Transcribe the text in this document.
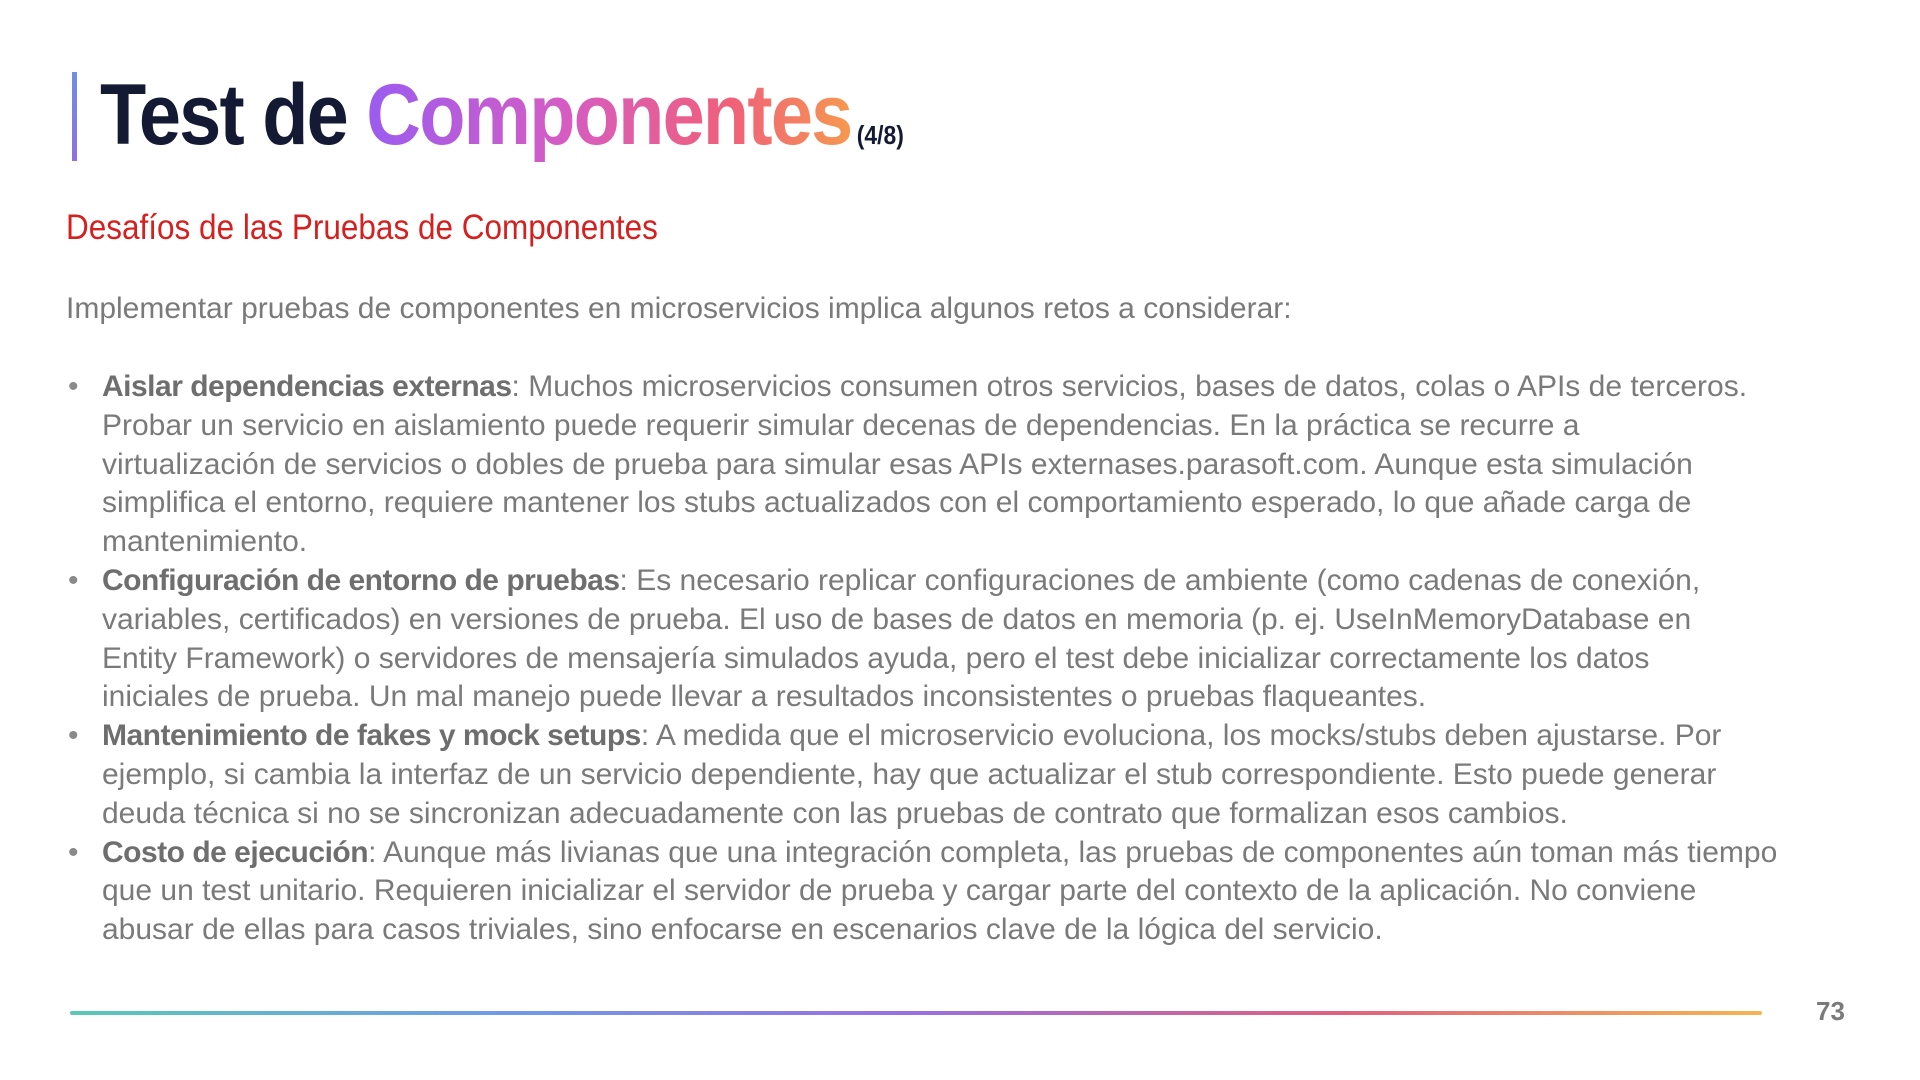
Test de Componentes (4/8)
Desafíos de las Pruebas de Componentes
Implementar pruebas de componentes en microservicios implica algunos retos a considerar:
• Aislar dependencias externas: Muchos microservicios consumen otros servicios, bases de datos, colas o APIs de terceros.
Probar un servicio en aislamiento puede requerir simular decenas de dependencias. En la práctica se recurre a
virtualización de servicios o dobles de prueba para simular esas APIs externases.parasoft.com. Aunque esta simulación
simplifica el entorno, requiere mantener los stubs actualizados con el comportamiento esperado, lo que añade carga de
mantenimiento.
• Configuración de entorno de pruebas: Es necesario replicar configuraciones de ambiente (como cadenas de conexión,
variables, certificados) en versiones de prueba. El uso de bases de datos en memoria (p. ej. UseInMemoryDatabase en
Entity Framework) o servidores de mensajería simulados ayuda, pero el test debe inicializar correctamente los datos
iniciales de prueba. Un mal manejo puede llevar a resultados inconsistentes o pruebas flaqueantes.
• Mantenimiento de fakes y mock setups: A medida que el microservicio evoluciona, los mocks/stubs deben ajustarse. Por
ejemplo, si cambia la interfaz de un servicio dependiente, hay que actualizar el stub correspondiente. Esto puede generar
deuda técnica si no se sincronizan adecuadamente con las pruebas de contrato que formalizan esos cambios.
• Costo de ejecución: Aunque más livianas que una integración completa, las pruebas de componentes aún toman más tiempo
que un test unitario. Requieren inicializar el servidor de prueba y cargar parte del contexto de la aplicación. No conviene
abusar de ellas para casos triviales, sino enfocarse en escenarios clave de la lógica del servicio.
73
